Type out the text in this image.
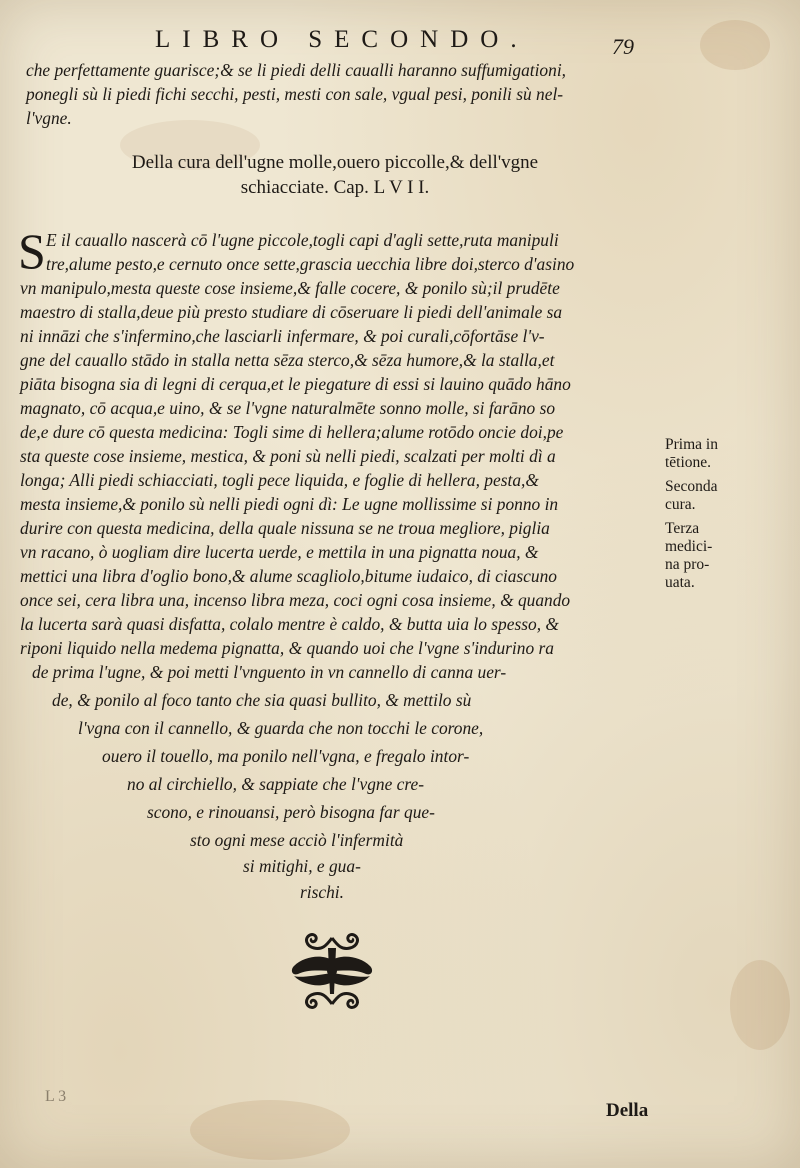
LIBRO SECONDO.	79
che perfettamente guarisce;& se li piedi delli caualli haranno suffumigationi,
ponegli sù li piedi fichi secchi, pesti, mesti con sale, vgual pesi, ponili sù nel-
l'vgne.
Della cura dell'ugne molle,ouero piccolle,& dell'vgne
schiacciate. Cap. L V I I.
S E il cauallo nascerà cō l'ugne piccole,togli capi d'agli sette,ruta manipuli
tre,alume pesto,e cernuto once sette,grascia uecchia libre doi,sterco d'asino
vn manipulo,mesta queste cose insieme,& falle cocere, & ponilo sù;il prudēte
maestro di stalla,deue più presto studiare di cōseruare li piedi dell'animale sa
ni innāzi che s'infermino,che lasciarli infermare, & poi curali,cōfortāse l'v-
gne del cauallo stādo in stalla netta sēza sterco,& sēza humore,& la stalla,et
piāta bisogna sia di legni di cerqua,et le piegature di essi si lauino quādo hāno
magnato, cō acqua,e uino, & se l'vgne naturalmēte sonno molle, si farāno so
de,e dure cō questa medicina: Togli sime di hellera;alume rotōdo oncie doi,pe
sta queste cose insieme, mestica, & poni sù nelli piedi, scalzati per molti dì a
longa; Alli piedi schiacciati, togli pece liquida, e foglie di hellera, pesta,&
mesta insieme,& ponilo sù nelli piedi ogni dì: Le ugne mollissime si ponno in
durire con questa medicina, della quale nissuna se ne troua megliore, piglia
vn racano, ò uogliam dire lucerta uerde, e mettila in una pignatta noua, &
mettici una libra d'oglio bono,& alume scagliolo,bitume iudaico, di ciascuno
once sei, cera libra una, incenso libra meza, coci ogni cosa insieme, & quando
la lucerta sarà quasi disfatta, colalo mentre è caldo, & butta uia lo spesso, &
riponi liquido nella medema pignatta, & quando uoi che l'vgne s'indurino ra
de prima l'ugne, & poi metti l'vnguento in vn cannello di canna uer-
de, & ponilo al foco tanto che sia quasi bullito, & mettilo sù
l'vgna con il cannello, & guarda che non tocchi le corone,
ouero il touello, ma ponilo nell'vgna, e fregalo intor-
no al circhiello, & sappiate che l'vgne cre-
scono, e rinouansi, però bisogna far que-
sto ogni mese acciò l'infermità
si mitighi, e gua-
rischi.
Prima in
tētione.
Seconda
cura.
Terza
medici-
na pro-
uata.
L 3
Della
